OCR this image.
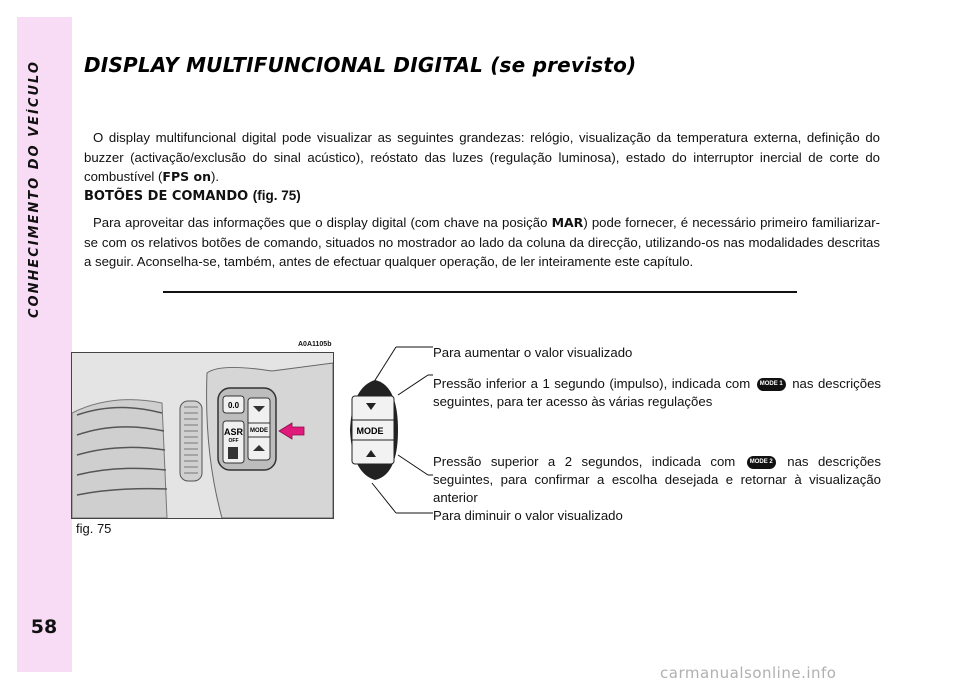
CONHECIMENTO DO VEÍCULO
58
DISPLAY MULTIFUNCIONAL DIGITAL (se previsto)

O display multifuncional digital pode visualizar as seguintes grandezas: relógio, visualização da temperatura externa, definição do buzzer (activação/exclusão do sinal acústico), reóstato das luzes (regulação luminosa), estado do interruptor inercial de corte do combustível (FPS on).

BOTÕES DE COMANDO (fig. 75)

Para aproveitar das informações que o display digital (com chave na posição MAR) pode fornecer, é necessário primeiro familiarizar-se com os relativos botões de comando, situados no mostrador ao lado da coluna da direcção, utilizando-os nas modalidades descritas a seguir. Aconselha-se, também, antes de efectuar qualquer operação, de ler inteiramente este capítulo.

A0A1105b
0.0
ASR
OFF
MODE
fig. 75
MODE

Para aumentar o valor visualizado

Pressão inferior a 1 segundo (impulso), indicada com MODE 1 nas descrições seguintes, para ter acesso às várias regulações

Pressão superior a 2 segundos, indicada com MODE 2 nas descrições seguintes, para confirmar a escolha desejada e retornar à visualização anterior

Para diminuir o valor visualizado

carmanualsonline.info
